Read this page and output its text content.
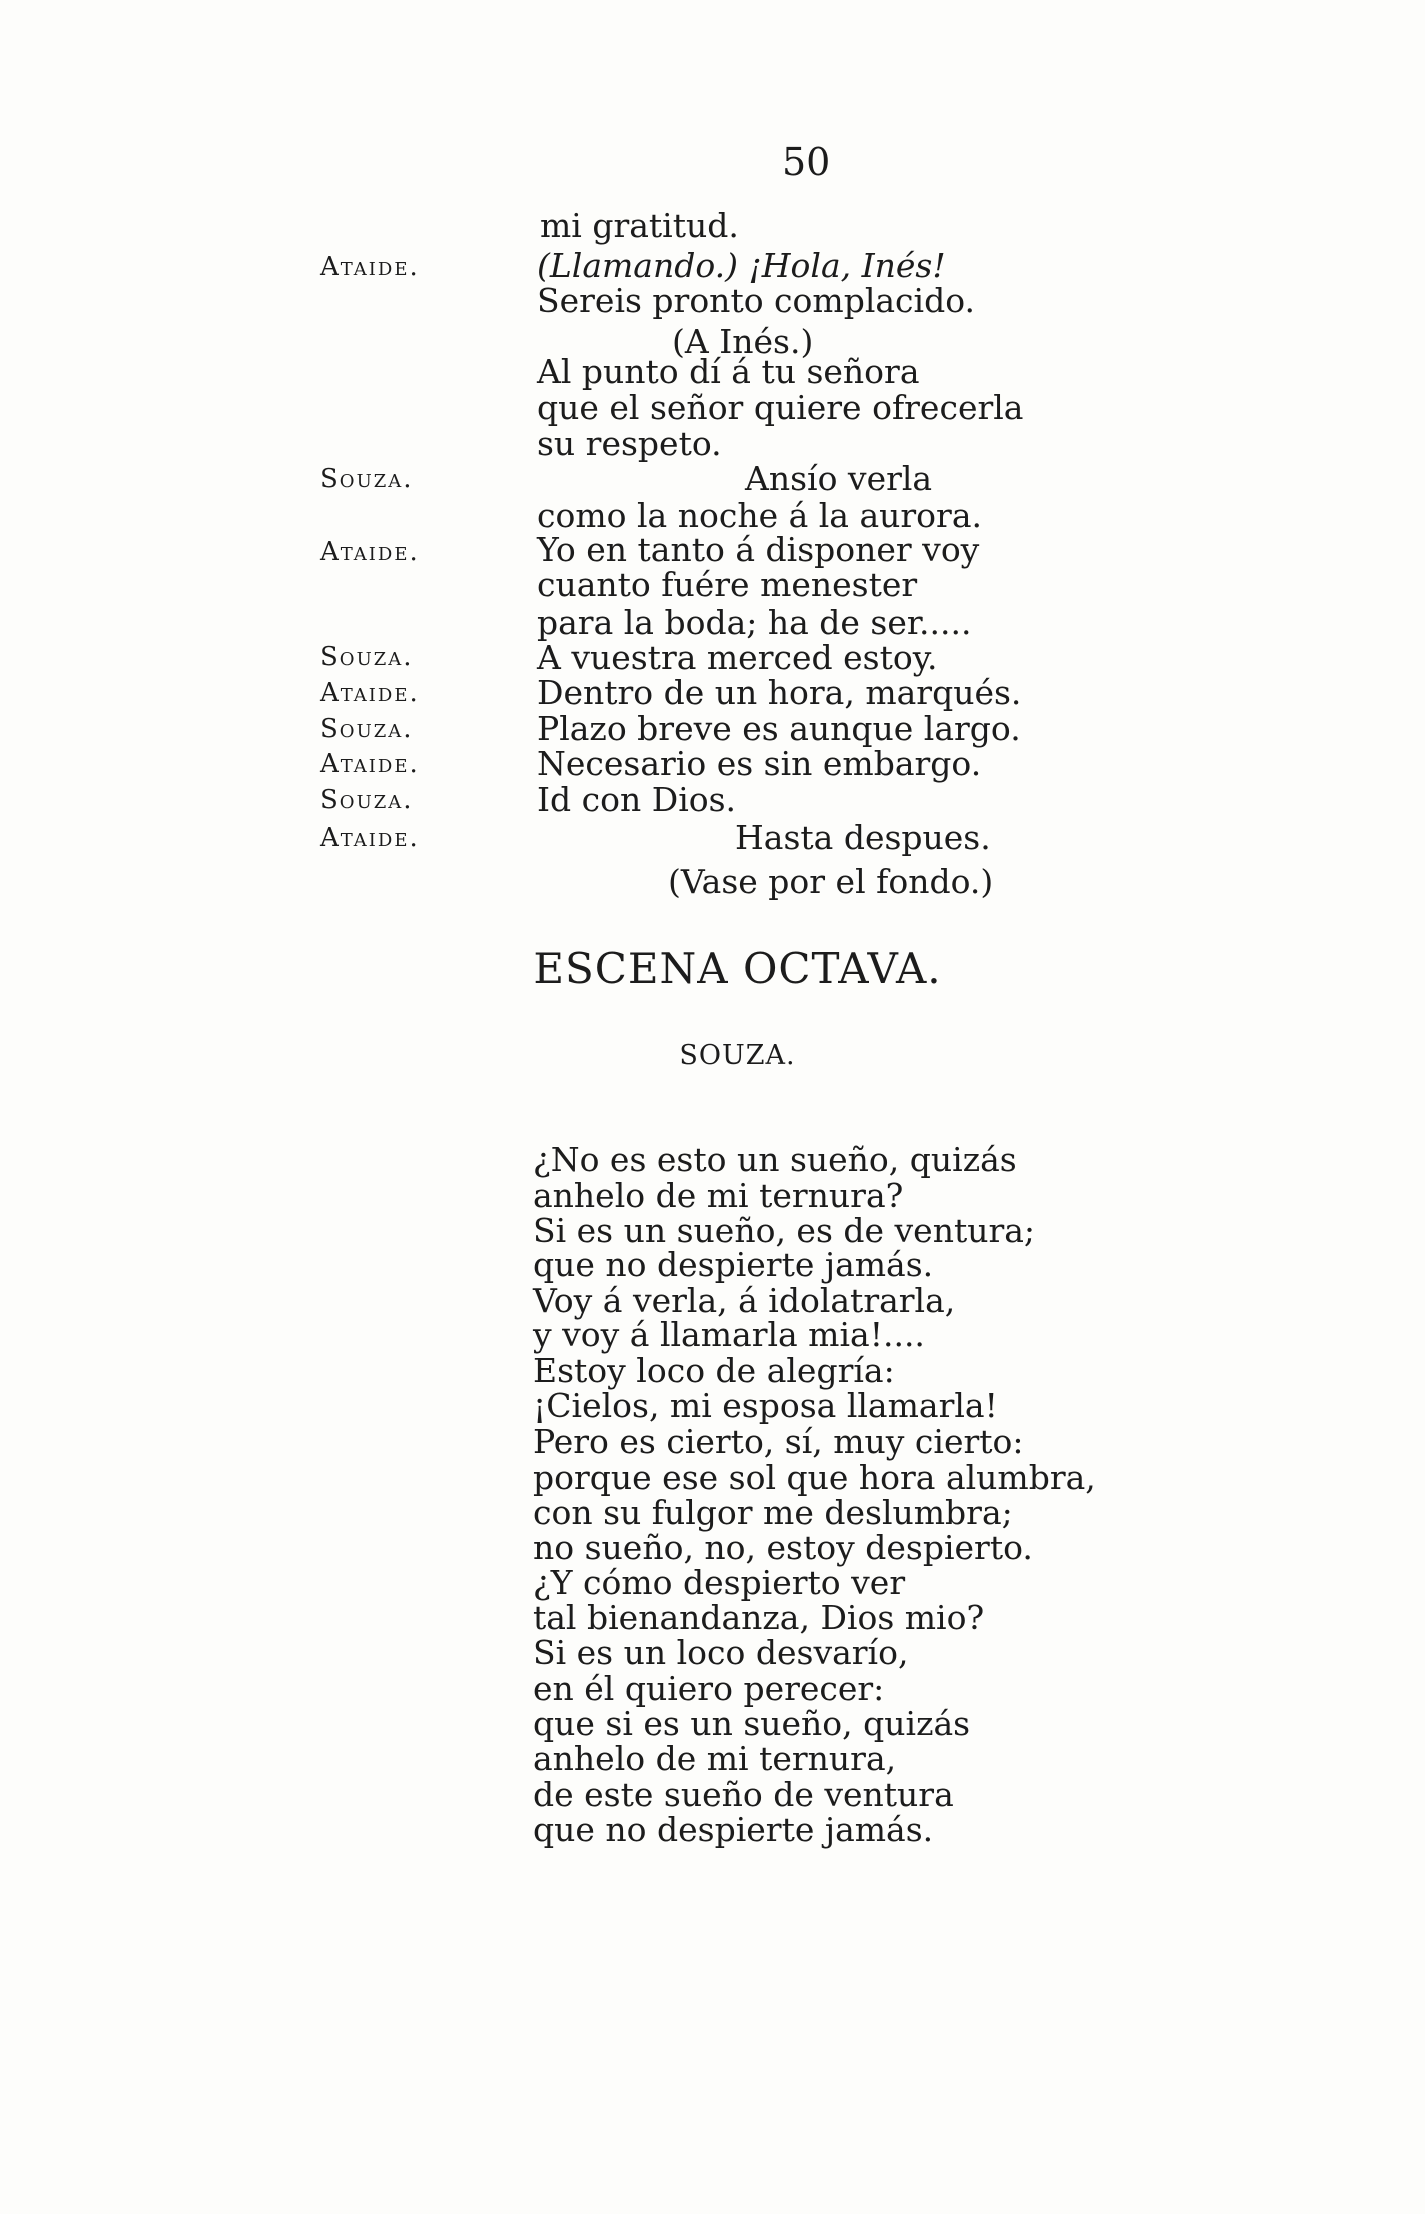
50
mi gratitud.
Ataide.	(Llamando.) ¡Hola, Inés!
Sereis pronto complacido.
(A Inés.)
Al punto dí á tu señora
que el señor quiere ofrecerla
su respeto.
Souza.	Ansío verla
como la noche á la aurora.
Ataide.	Yo en tanto á disponer voy
cuanto fuére menester
para la boda; ha de ser.....
Souza.	A vuestra merced estoy.
Ataide.	Dentro de un hora, marqués.
Souza.	Plazo breve es aunque largo.
Ataide.	Necesario es sin embargo.
Souza.	Id con Dios.
Ataide.	Hasta despues.
(Vase por el fondo.)
ESCENA OCTAVA.
SOUZA.
¿No es esto un sueño, quizás
anhelo de mi ternura?
Si es un sueño, es de ventura;
que no despierte jamás.
Voy á verla, á idolatrarla,
y voy á llamarla mia!....
Estoy loco de alegría:
¡Cielos, mi esposa llamarla!
Pero es cierto, sí, muy cierto:
porque ese sol que hora alumbra,
con su fulgor me deslumbra;
no sueño, no, estoy despierto.
¿Y cómo despierto ver
tal bienandanza, Dios mio?
Si es un loco desvarío,
en él quiero perecer:
que si es un sueño, quizás
anhelo de mi ternura,
de este sueño de ventura
que no despierte jamás.
